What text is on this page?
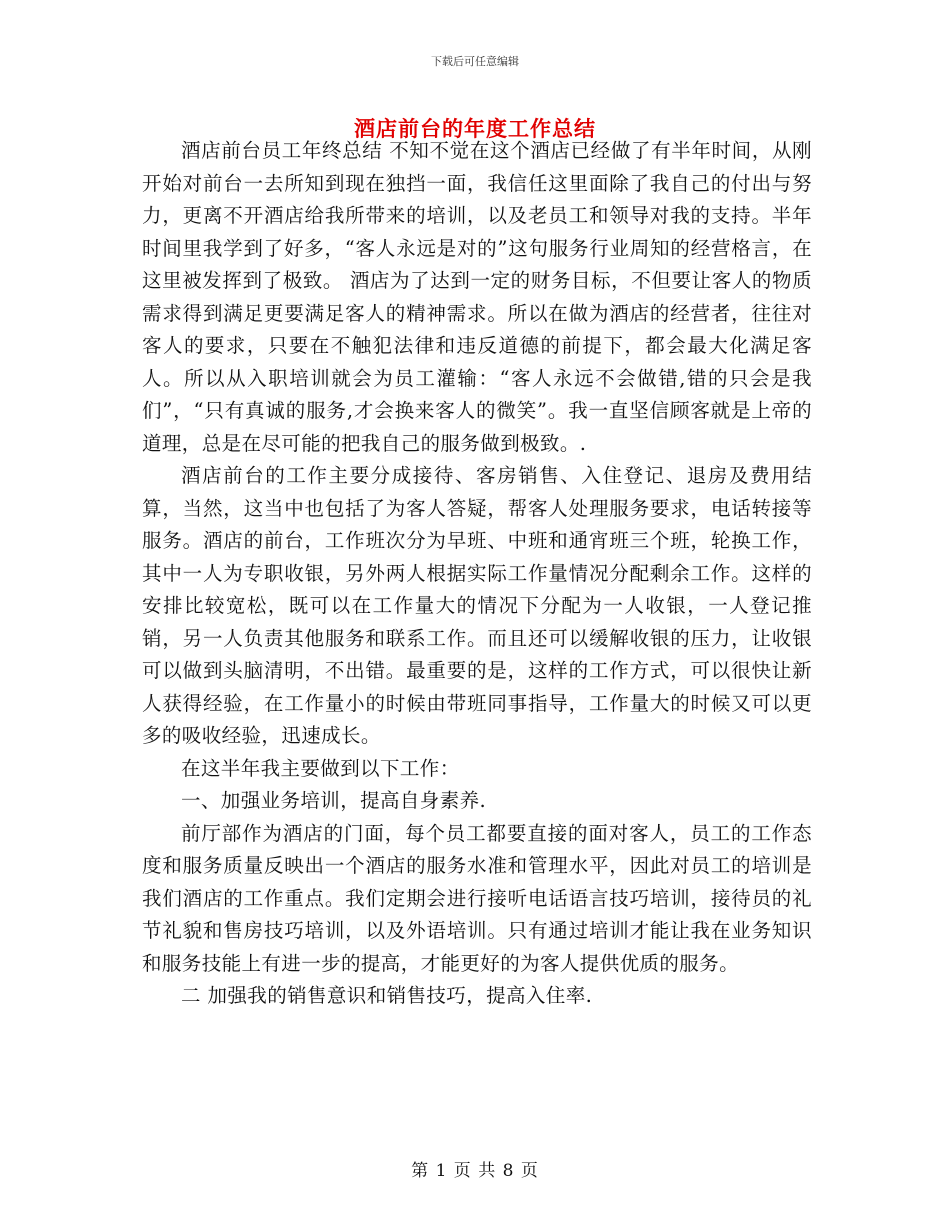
下载后可任意编辑
酒店前台的年度工作总结

酒店前台员工年终总结 不知不觉在这个酒店已经做了有半年时间，从刚开始对前台一去所知到现在独挡一面，我信任这里面除了我自己的付出与努力，更离不开酒店给我所带来的培训，以及老员工和领导对我的支持。半年时间里我学到了好多，“客人永远是对的”这句服务行业周知的经营格言，在这里被发挥到了极致。 酒店为了达到一定的财务目标，不但要让客人的物质需求得到满足更要满足客人的精神需求。所以在做为酒店的经营者，往往对客人的要求，只要在不触犯法律和违反道德的前提下，都会最大化满足客人。所以从入职培训就会为员工灌输：“客人永远不会做错,错的只会是我们”，“只有真诚的服务,才会换来客人的微笑”。我一直坚信顾客就是上帝的道理，总是在尽可能的把我自己的服务做到极致。.

酒店前台的工作主要分成接待、客房销售、入住登记、退房及费用结算，当然，这当中也包括了为客人答疑，帮客人处理服务要求，电话转接等服务。酒店的前台，工作班次分为早班、中班和通宵班三个班，轮换工作，其中一人为专职收银，另外两人根据实际工作量情况分配剩余工作。这样的安排比较宽松，既可以在工作量大的情况下分配为一人收银，一人登记推销，另一人负责其他服务和联系工作。而且还可以缓解收银的压力，让收银可以做到头脑清明，不出错。最重要的是，这样的工作方式，可以很快让新人获得经验，在工作量小的时候由带班同事指导，工作量大的时候又可以更多的吸收经验，迅速成长。

在这半年我主要做到以下工作：

一、加强业务培训，提高自身素养.

前厅部作为酒店的门面，每个员工都要直接的面对客人，员工的工作态度和服务质量反映出一个酒店的服务水准和管理水平，因此对员工的培训是我们酒店的工作重点。我们定期会进行接听电话语言技巧培训，接待员的礼节礼貌和售房技巧培训，以及外语培训。只有通过培训才能让我在业务知识和服务技能上有进一步的提高，才能更好的为客人提供优质的服务。

二 加强我的销售意识和销售技巧，提高入住率.

第 1 页 共 8 页
